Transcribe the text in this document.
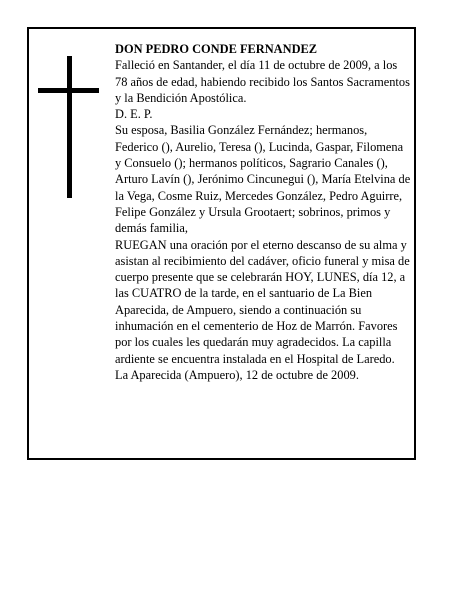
DON PEDRO CONDE FERNANDEZ

Falleció en Santander, el día 11 de octubre de 2009, a los 78 años de edad, habiendo recibido los Santos Sacramentos y la Bendición Apostólica.

D. E. P.

Su esposa, Basilia González Fernández; hermanos, Federico (), Aurelio, Teresa (), Lucinda, Gaspar, Filomena y Consuelo (); hermanos políticos, Sagrario Canales (), Arturo Lavín (), Jerónimo Cincunegui (), María Etelvina de la Vega, Cosme Ruiz, Mercedes González, Pedro Aguirre, Felipe González y Ursula Grootaert; sobrinos, primos y demás familia,

RUEGAN una oración por el eterno descanso de su alma y asistan al recibimiento del cadáver, oficio funeral y misa de cuerpo presente que se celebrarán HOY, LUNES, día 12, a las CUATRO de la tarde, en el santuario de La Bien Aparecida, de Ampuero, siendo a continuación su inhumación en el cementerio de Hoz de Marrón. Favores por los cuales les quedarán muy agradecidos. La capilla ardiente se encuentra instalada en el Hospital de Laredo.

La Aparecida (Ampuero), 12 de octubre de 2009.
